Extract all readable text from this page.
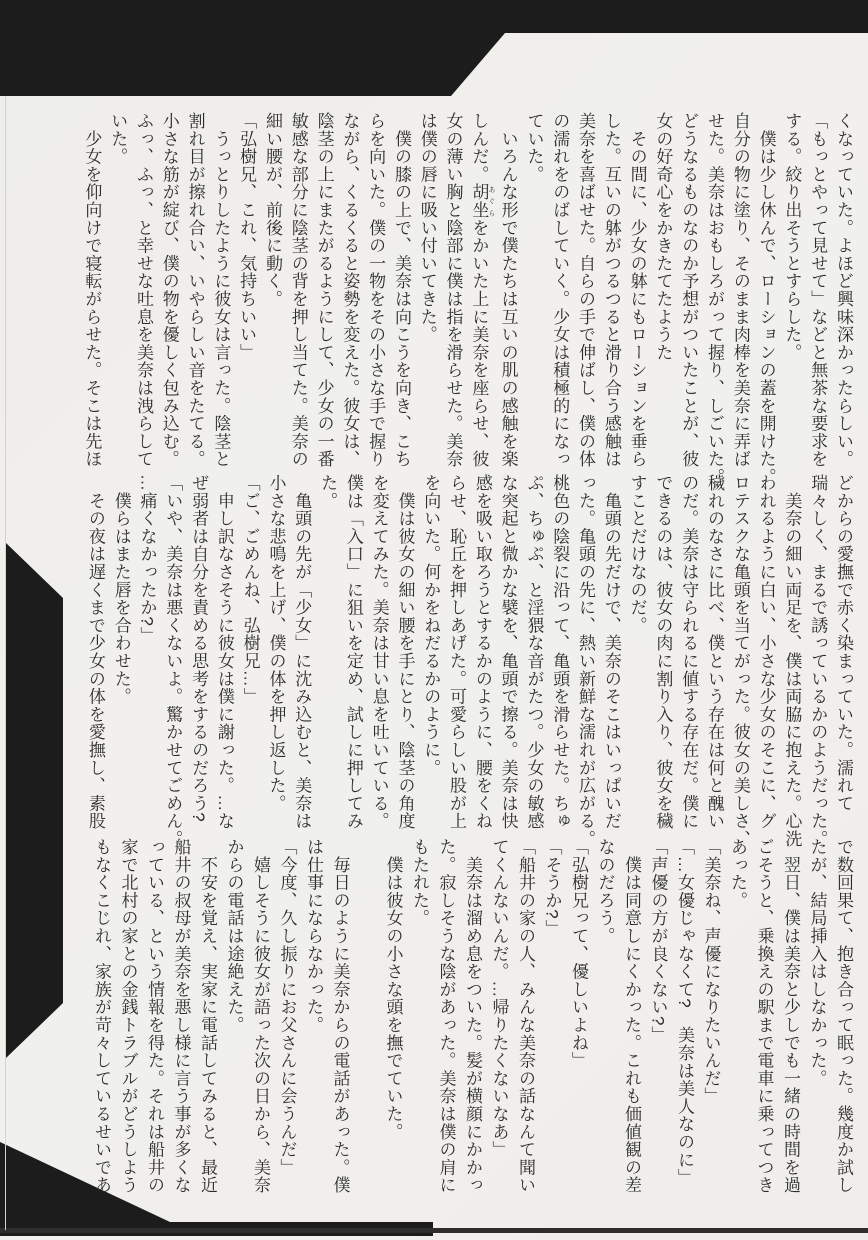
くなっていた。よほど興味深かったらしい。
「もっとやって見せて」などと無茶な要求を
する。絞り出そうとすらした。
　僕は少し休んで、ローションの蓋を開けた。
自分の物に塗り、そのまま肉棒を美奈に弄ば
せた。美奈はおもしろがって握り、しごいた。
どうなるものなのか予想がついたことが、彼
女の好奇心をかきたてたようた
　その間に、少女の躰にもローションを垂ら
した。互いの躰がつるつると滑り合う感触は
美奈を喜ばせた。自らの手で伸ばし、僕の体
の濡れをのばしていく。少女は積極的になっ
ていた。
　いろんな形で僕たちは互いの肌の感触を楽
しんだ。胡坐 あぐらをかいた上に美奈を座らせ、彼
女の薄い胸と陰部に僕は指を滑らせた。美奈
は僕の唇に吸い付いてきた。
　僕の膝の上で、美奈は向こうを向き、こち
らを向いた。僕の一物をその小さな手で握り
ながら、くるくると姿勢を変えた。彼女は、
陰茎の上にまたがるようにして、少女の一番
敏感な部分に陰茎の背を押し当てた。美奈の
細い腰が、前後に動く。
「弘樹兄、これ、気持ちいい」
　うっとりしたように彼女は言った。陰茎と
割れ目が擦れ合い、いやらしい音をたてる。
小さな筋が綻び、僕の物を優しく包み込む。
ふっ、ふっ、と幸せな吐息を美奈は洩らして
いた。
　少女を仰向けで寝転がらせた。そこは先ほ
どからの愛撫で赤く染まっていた。濡れて
瑞々しく、まるで誘っているかのようだった。
　美奈の細い両足を、僕は両脇に抱えた。心洗
われるように白い、小さな少女のそこに、グ
ロテスクな亀頭を当てがった。彼女の美しさ、
穢れのなさに比べ、僕という存在は何と醜い
のだ。美奈は守られるに値する存在だ。僕に
できるのは、彼女の肉に割り入り、彼女を穢
すことだけなのだ。
　亀頭の先だけで、美奈のそこはいっぱいだ
った。亀頭の先に、熱い新鮮な濡れが広がる。
桃色の陰裂に沿って、亀頭を滑らせた。ちゅ
ぷ、ちゅぷ、と淫猥な音がたつ。少女の敏感
な突起と微かな襞を、亀頭で擦る。美奈は快
感を吸い取ろうとするかのように、腰をくね
らせ、恥丘を押しあげた。可愛らしい股が上
を向いた。何かをねだるかのように。
　僕は彼女の細い腰を手にとり、陰茎の角度
を変えてみた。美奈は甘い息を吐いている。
僕は「入口」に狙いを定め、試しに押してみ
た。
　亀頭の先が「少女」に沈み込むと、美奈は
小さな悲鳴を上げ、僕の体を押し返した。
「ご、ごめんね、弘樹兄…」
　申し訳なさそうに彼女は僕に謝った。…な
ぜ弱者は自分を責める思考をするのだろう?
「いや、美奈は悪くないよ。驚かせてごめん。
…痛くなかったか?」
　僕らはまた唇を合わせた。
　その夜は遅くまで少女の体を愛撫し、素股
で数回果て、抱き合って眠った。幾度か試し
たが、結局挿入はしなかった。
　翌日、僕は美奈と少しでも一緒の時間を過
ごそうと、乗換えの駅まで電車に乗ってつき
あった。
「美奈ね、声優になりたいんだ」
「…女優じゃなくて?　美奈は美人なのに」
「声優の方が良くない?」
　僕は同意しにくかった。これも価値観の差
なのだろう。
「弘樹兄って、優しいよね」
「そうか?」
「船井の家の人、みんな美奈の話なんて聞い
てくんないんだ。…帰りたくないなあ」
　美奈は溜め息をついた。髪が横顔にかかっ
た。寂しそうな陰があった。美奈は僕の肩に
もたれた。
　僕は彼女の小さな頭を撫でていた。

　毎日のように美奈からの電話があった。僕
は仕事にならなかった。
「今度、久し振りにお父さんに会うんだ」
　嬉しそうに彼女が語った次の日から、美奈
からの電話は途絶えた。
　不安を覚え、実家に電話してみると、最近
船井の叔母が美奈を悪し様に言う事が多くな
っている、という情報を得た。それは船井の
家で北村の家との金銭トラブルがどうしよう
もなくこじれ、家族が苛々しているせいであ
